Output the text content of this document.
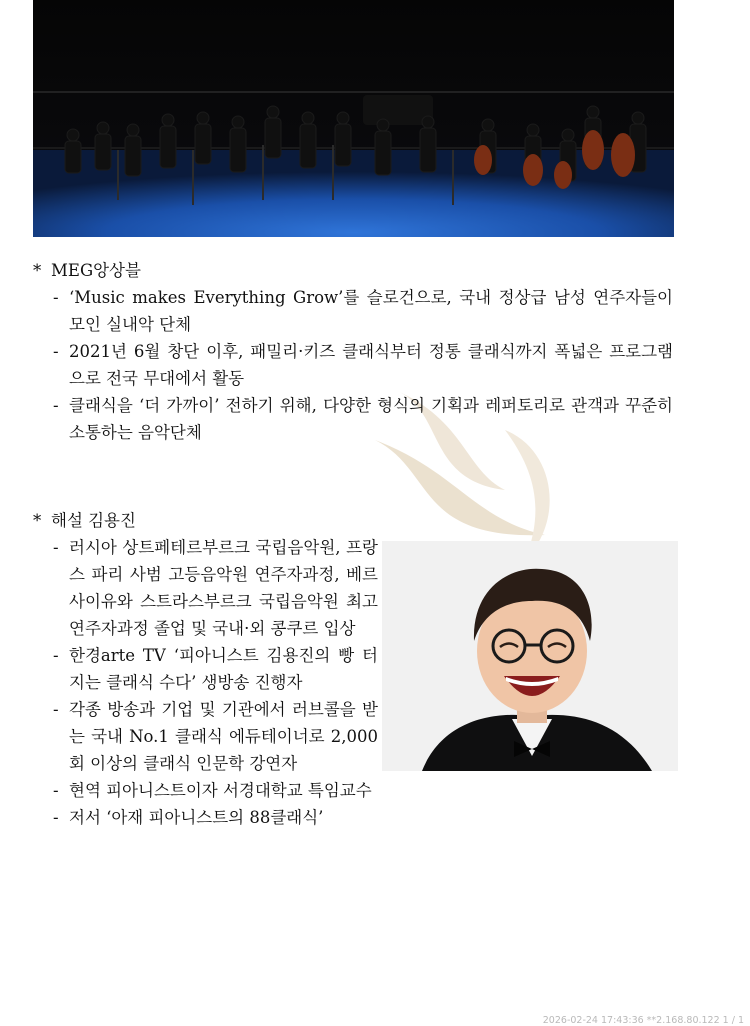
* MEG앙상블
- ‘Music makes Everything Grow’를 슬로건으로, 국내 정상급 남성 연주자들이 모인 실내악 단체
- 2021년 6월 창단 이후, 패밀리·키즈 클래식부터 정통 클래식까지 폭넓은 프로그램으로 전국 무대에서 활동
- 클래식을 ‘더 가까이’ 전하기 위해, 다양한 형식의 기획과 레퍼토리로 관객과 꾸준히 소통하는 음악단체
* 해설 김용진
- 러시아 상트페테르부르크 국립음악원, 프랑스 파리 사범 고등음악원 연주자과정, 베르사이유와 스트라스부르크 국립음악원 최고연주자과정 졸업 및 국내·외 콩쿠르 입상
- 한경arte TV ‘피아니스트 김용진의 빵 터지는 클래식 수다’ 생방송 진행자
- 각종 방송과 기업 및 기관에서 러브콜을 받는 국내 No.1 클래식 에듀테이너로 2,000회 이상의 클래식 인문학 강연자
- 현역 피아니스트이자 서경대학교 특임교수
- 저서 ‘아재 피아니스트의 88클래식’
2026-02-24 17:43:36 **2.168.80.122 1 / 1
